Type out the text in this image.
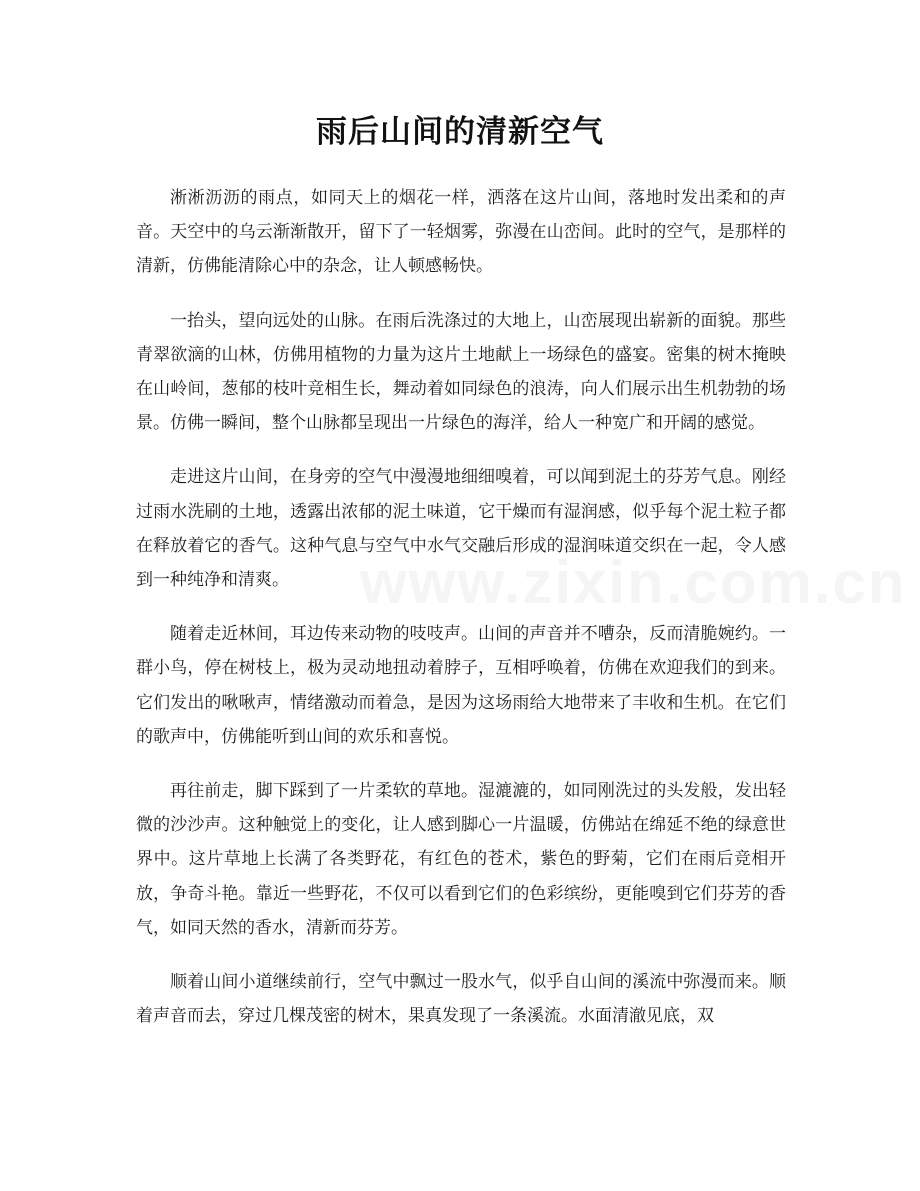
雨后山间的清新空气

淅淅沥沥的雨点，如同天上的烟花一样，洒落在这片山间，落地时发出柔和的声音。天空中的乌云渐渐散开，留下了一轻烟雾，弥漫在山峦间。此时的空气，是那样的清新，仿佛能清除心中的杂念，让人顿感畅快。

一抬头，望向远处的山脉。在雨后洗涤过的大地上，山峦展现出崭新的面貌。那些青翠欲滴的山林，仿佛用植物的力量为这片土地献上一场绿色的盛宴。密集的树木掩映在山岭间，葱郁的枝叶竞相生长，舞动着如同绿色的浪涛，向人们展示出生机勃勃的场景。仿佛一瞬间，整个山脉都呈现出一片绿色的海洋，给人一种宽广和开阔的感觉。

走进这片山间，在身旁的空气中漫漫地细细嗅着，可以闻到泥土的芬芳气息。刚经过雨水洗刷的土地，透露出浓郁的泥土味道，它干燥而有湿润感，似乎每个泥土粒子都在释放着它的香气。这种气息与空气中水气交融后形成的湿润味道交织在一起，令人感到一种纯净和清爽。

随着走近林间，耳边传来动物的吱吱声。山间的声音并不嘈杂，反而清脆婉约。一群小鸟，停在树枝上，极为灵动地扭动着脖子，互相呼唤着，仿佛在欢迎我们的到来。它们发出的啾啾声，情绪激动而着急，是因为这场雨给大地带来了丰收和生机。在它们的歌声中，仿佛能听到山间的欢乐和喜悦。

再往前走，脚下踩到了一片柔软的草地。湿漉漉的，如同刚洗过的头发般，发出轻微的沙沙声。这种触觉上的变化，让人感到脚心一片温暖，仿佛站在绵延不绝的绿意世界中。这片草地上长满了各类野花，有红色的苍术，紫色的野菊，它们在雨后竞相开放，争奇斗艳。靠近一些野花，不仅可以看到它们的色彩缤纷，更能嗅到它们芬芳的香气，如同天然的香水，清新而芬芳。

顺着山间小道继续前行，空气中飘过一股水气，似乎自山间的溪流中弥漫而来。顺着声音而去，穿过几棵茂密的树木，果真发现了一条溪流。水面清澈见底，双

www.zixin.com.cn
